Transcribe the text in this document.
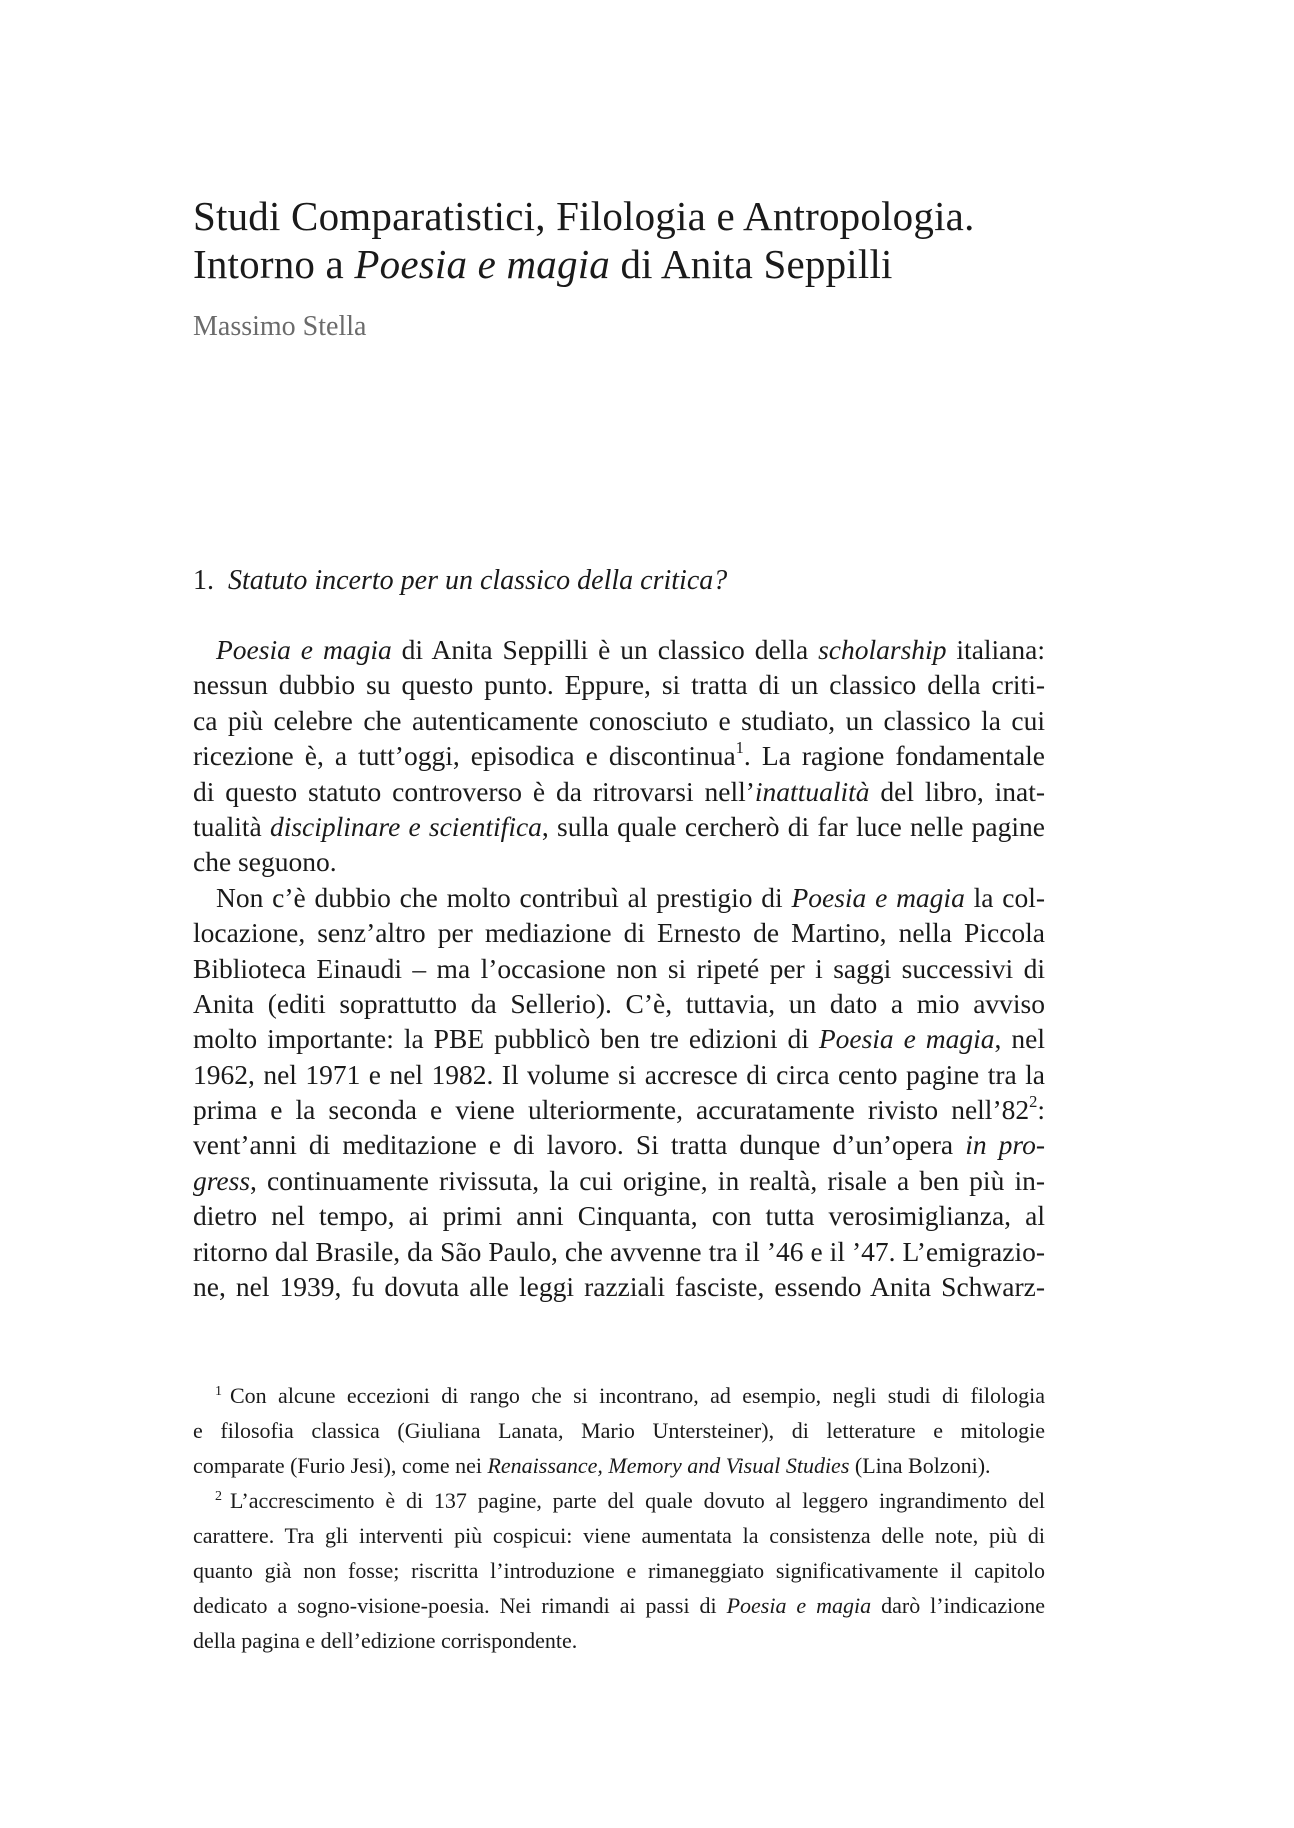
Studi Comparatistici, Filologia e Antropologia.
Intorno a Poesia e magia di Anita Seppilli
Massimo Stella
1. Statuto incerto per un classico della critica?
Poesia e magia di Anita Seppilli è un classico della scholarship italiana:
nessun dubbio su questo punto. Eppure, si tratta di un classico della criti-
ca più celebre che autenticamente conosciuto e studiato, un classico la cui
ricezione è, a tutt’oggi, episodica e discontinua$^1$. La ragione fondamentale
di questo statuto controverso è da ritrovarsi nell’inattualità del libro, inat-
tualità disciplinare e scientifica, sulla quale cercherò di far luce nelle pagine
che seguono.
Non c’è dubbio che molto contribuì al prestigio di Poesia e magia la col-
locazione, senz’altro per mediazione di Ernesto de Martino, nella Piccola
Biblioteca Einaudi – ma l’occasione non si ripeté per i saggi successivi di
Anita (editi soprattutto da Sellerio). C’è, tuttavia, un dato a mio avviso
molto importante: la PBE pubblicò ben tre edizioni di Poesia e magia, nel
1962, nel 1971 e nel 1982. Il volume si accresce di circa cento pagine tra la
prima e la seconda e viene ulteriormente, accuratamente rivisto $nell’82^2$:
vent’anni di meditazione e di lavoro. Si tratta dunque d’un’opera in pro-
gress, continuamente rivissuta, la cui origine, in realtà, risale a ben più in-
dietro nel tempo, ai primi anni Cinquanta, con tutta verosimiglianza, al
ritorno dal Brasile, da São Paulo, che avvenne tra il ’46 e il ’47. L’emigrazio-
ne, nel 1939, fu dovuta alle leggi razziali fasciste, essendo Anita Schwarz-
$^1$ Con alcune eccezioni di rango che si incontrano, ad esempio, negli studi di filologia
e filosofia classica (Giuliana Lanata, Mario Untersteiner), di letterature e mitologie
comparate (Furio Jesi), come nei Renaissance, Memory and Visual Studies (Lina Bolzoni).
$^2$ L’accrescimento è di 137 pagine, parte del quale dovuto al leggero ingrandimento del
carattere. Tra gli interventi più cospicui: viene aumentata la consistenza delle note, più di
quanto già non fosse; riscritta l’introduzione e rimaneggiato significativamente il capitolo
dedicato a sogno-visione-poesia. Nei rimandi ai passi di Poesia e magia darò l’indicazione
della pagina e dell’edizione corrispondente.
